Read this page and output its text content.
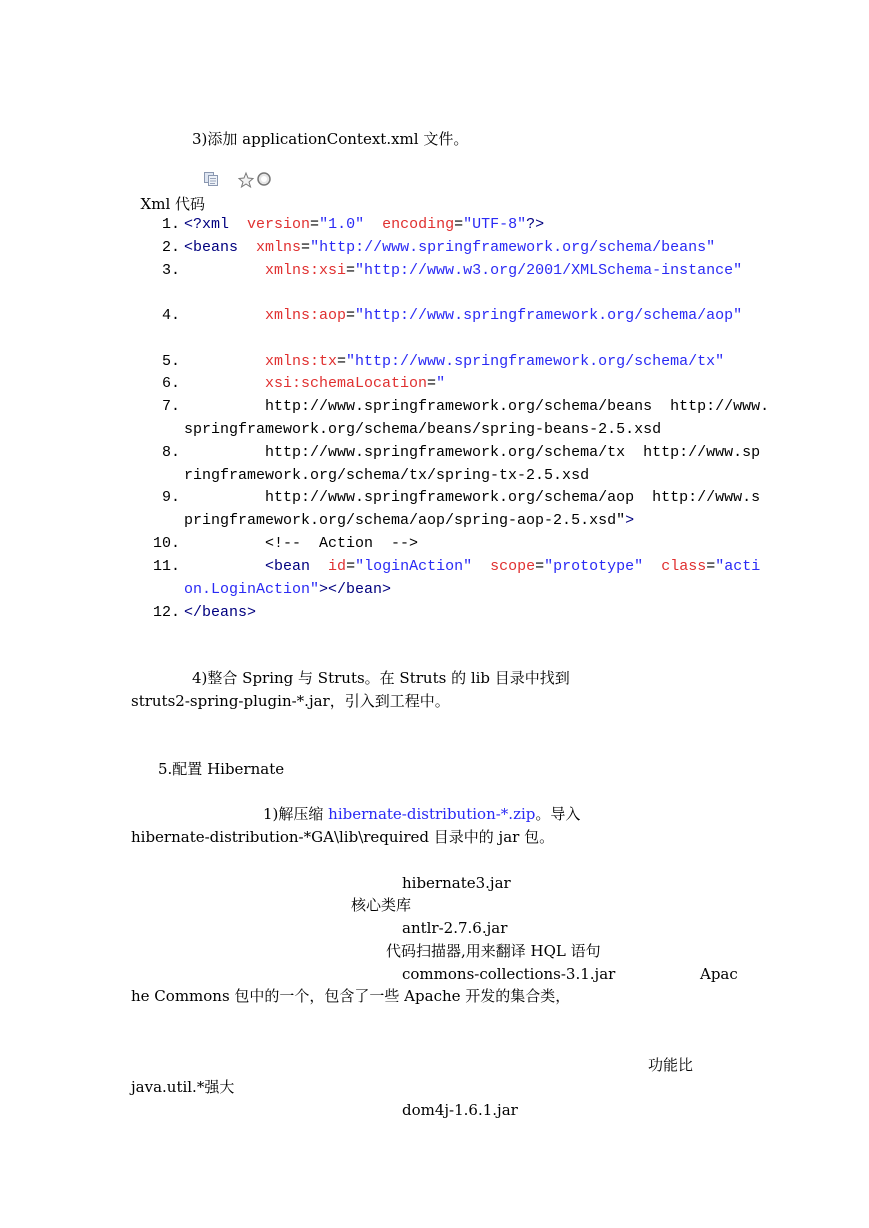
3)添加 applicationContext.xml 文件。

Xml 代码

1. <?xml version="1.0" encoding="UTF-8"?>
2. <beans xmlns="http://www.springframework.org/schema/beans"
3.	xmlns:xsi="http://www.w3.org/2001/XMLSchema-instance"
4.	xmlns:aop="http://www.springframework.org/schema/aop"
5.	xmlns:tx="http://www.springframework.org/schema/tx"
6.	xsi:schemaLocation="
7. http://www.springframework.org/schema/beans  http://www.
springframework.org/schema/beans/spring-beans-2.5.xsd
8. http://www.springframework.org/schema/tx  http://www.sp
ringframework.org/schema/tx/spring-tx-2.5.xsd
9. http://www.springframework.org/schema/aop  http://www.s
pringframework.org/schema/aop/spring-aop-2.5.xsd">
10. <!--  Action  -->
11.	<bean id="loginAction" scope="prototype" class="acti
on.LoginAction"></bean>
12. </beans>
4)整合 Spring 与 Struts。在 Struts 的 lib 目录中找到
struts2-spring-plugin-*.jar，引入到工程中。
5.配置 Hibernate
1)解压缩 hibernate-distribution-*.zip。导入
hibernate-distribution-*GA\lib\required 目录中的 jar 包。
hibernate3.jar
核心类库
antlr-2.7.6.jar
代码扫描器,用来翻译 HQL 语句
commons-collections-3.1.jar	Apac
he Commons 包中的一个，包含了一些 Apache 开发的集合类，
功能比
java.util.*强大
dom4j-1.6.1.jar
